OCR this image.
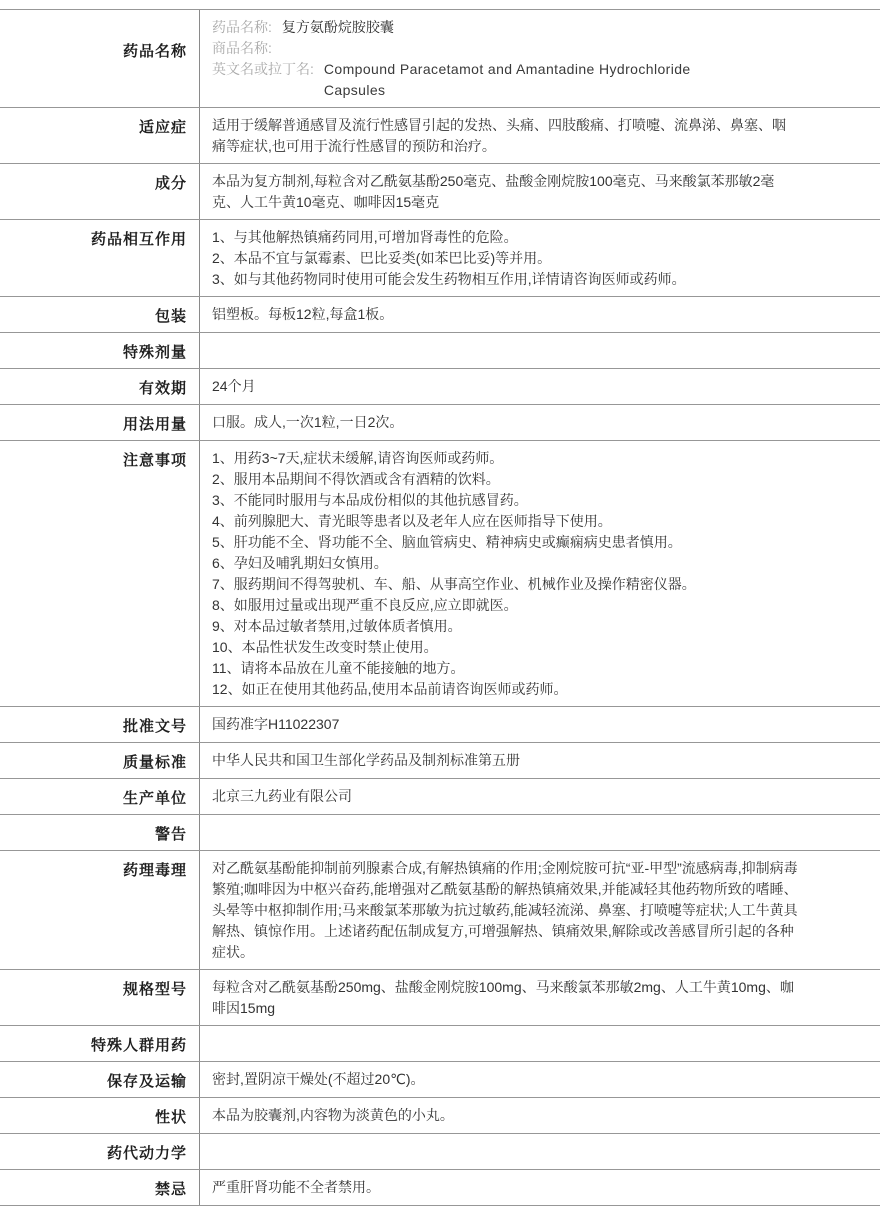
药品名称
药品名称: 复方氨酚烷胺胶囊
商品名称:
英文名或拉丁名: Compound Paracetamot and Amantadine Hydrochloride Capsules
适应症	适用于缓解普通感冒及流行性感冒引起的发热、头痛、四肢酸痛、打喷嚏、流鼻涕、鼻塞、咽痛等症状,也可用于流行性感冒的预防和治疗。
成分	本品为复方制剂,每粒含对乙酰氨基酚250毫克、盐酸金刚烷胺100毫克、马来酸氯苯那敏2毫克、人工牛黄10毫克、咖啡因15毫克
药品相互作用	1、与其他解热镇痛药同用,可增加肾毒性的危险。
2、本品不宜与氯霉素、巴比妥类(如苯巴比妥)等并用。
3、如与其他药物同时使用可能会发生药物相互作用,详情请咨询医师或药师。
包装	铝塑板。每板12粒,每盒1板。
特殊剂量
有效期	24个月
用法用量	口服。成人,一次1粒,一日2次。
注意事项	1、用药3~7天,症状未缓解,请咨询医师或药师。
2、服用本品期间不得饮酒或含有酒精的饮料。
3、不能同时服用与本品成份相似的其他抗感冒药。
4、前列腺肥大、青光眼等患者以及老年人应在医师指导下使用。
5、肝功能不全、肾功能不全、脑血管病史、精神病史或癫痫病史患者慎用。
6、孕妇及哺乳期妇女慎用。
7、服药期间不得驾驶机、车、船、从事高空作业、机械作业及操作精密仪器。
8、如服用过量或出现严重不良反应,应立即就医。
9、对本品过敏者禁用,过敏体质者慎用。
10、本品性状发生改变时禁止使用。
11、请将本品放在儿童不能接触的地方。
12、如正在使用其他药品,使用本品前请咨询医师或药师。
批准文号	国药准字H11022307
质量标准	中华人民共和国卫生部化学药品及制剂标准第五册
生产单位	北京三九药业有限公司
警告
药理毒理	对乙酰氨基酚能抑制前列腺素合成,有解热镇痛的作用;金刚烷胺可抗“亚-甲型”流感病毒,抑制病毒繁殖;咖啡因为中枢兴奋药,能增强对乙酰氨基酚的解热镇痛效果,并能减轻其他药物所致的嗜睡、头晕等中枢抑制作用;马来酸氯苯那敏为抗过敏药,能减轻流涕、鼻塞、打喷嚏等症状;人工牛黄具解热、镇惊作用。上述诸药配伍制成复方,可增强解热、镇痛效果,解除或改善感冒所引起的各种症状。
规格型号	每粒含对乙酰氨基酚250mg、盐酸金刚烷胺100mg、马来酸氯苯那敏2mg、人工牛黄10mg、咖啡因15mg
特殊人群用药
保存及运输	密封,置阴凉干燥处(不超过20℃)。
性状	本品为胶囊剂,内容物为淡黄色的小丸。
药代动力学
禁忌	严重肝肾功能不全者禁用。
